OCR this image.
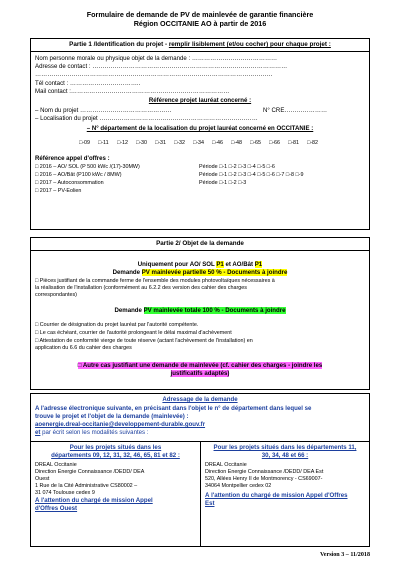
Formulaire de demande de PV de mainlevée de garantie financière
Région OCCITANIE AO à partir de 2016
Partie 1 /Identification du projet - remplir lisiblement (et/ou cocher) pour chaque projet :
Nom personne morale ou physique objet de la demande : ……………………………………
Adresse de contact : ……………………………………………………………………………………
………………………………………………………………………………………………………
Tél contact : ……………………………..
Mail contact :……………………………………………………………………
Référence projet lauréat concerné :
– Nom du projet ………………………………………	N° CRE…………………
– Localisation du projet ……………………………………………………………………
– N° département de la localisation du projet lauréat concerné en OCCITANIE :
□-09 □-11 □-12 □-30 □-31 □-32 □-34 □-46 □-48 □-65 □-66 □-81 □-82
Référence appel d'offres :
□ 2016 – AO/ SOL (P 500 kWc /(17)-30MW)	Période □-1 □-2 □-3 □-4 □-5 □-6
□ 2016 – AO/Bât (P100 kWc / 8MW)	Période □-1 □-2 □-3 □-4 □-5 □-6 □-7 □-8 □-9
□ 2017 – Autoconsommation	Période □-1 □-2 □-3
□ 2017 – PV-Eolien
Partie 2/ Objet de la demande
Uniquement pour AO/ SOL P1 et AO/Bât P1
Demande PV mainlevée partielle 50 % - Documents à joindre
□ Pièces justifiant de la commande ferme de l'ensemble des modules photovoltaïques nécessaires à
la réalisation de l'installation (conformément au 6.2.2 des version des cahier des charges
correspondantes)
Demande PV mainlevée totale 100 % - Documents à joindre
□ Courrier de désignation du projet lauréat par l'autorité compétente.
□ Le cas échéant, courrier de l'autorité prolongeant le délai maximal d'achèvement
□ Attestation de conformité vierge de toute réserve (actant l'achèvement de l'installation) en
application du 6.6 du cahier des charges
□ Autre cas justifiant une demande de mainlevée (cf. cahier des charges - joindre les
justificatifs adaptés)
Adressage de la demande
A l'adresse électronique suivante, en précisant dans l'objet le n° de département dans lequel se
trouve le projet et l'objet de la demande (mainlevée) :
aoenergie.dreal-occitanie@developpement-durable.gouv.fr
et par écrit selon les modalités suivantes :
Pour les projets situés dans les
départements 09, 12, 31, 32, 46, 65, 81 et 82 :
DREAL Occitanie
Direction Énergie Connaissance /DEDD/ DEA
Ouest
1 Rue de la Cité Administrative CS80002 –
31 074 Toulouse cedex 9
À l'attention du chargé de mission Appel
d'Offres Ouest
Pour les projets situés dans les départements 11,
30, 34, 48 et 66 :
DREAL Occitanie
Direction Énergie Connaissance /DEDD/ DEA Est
520, Allées Henry II de Montmorency - CS69007-
34064 Montpellier cedex 02
À l'attention du chargé de mission Appel d'Offres
Est
Version 3 – 11/2018
